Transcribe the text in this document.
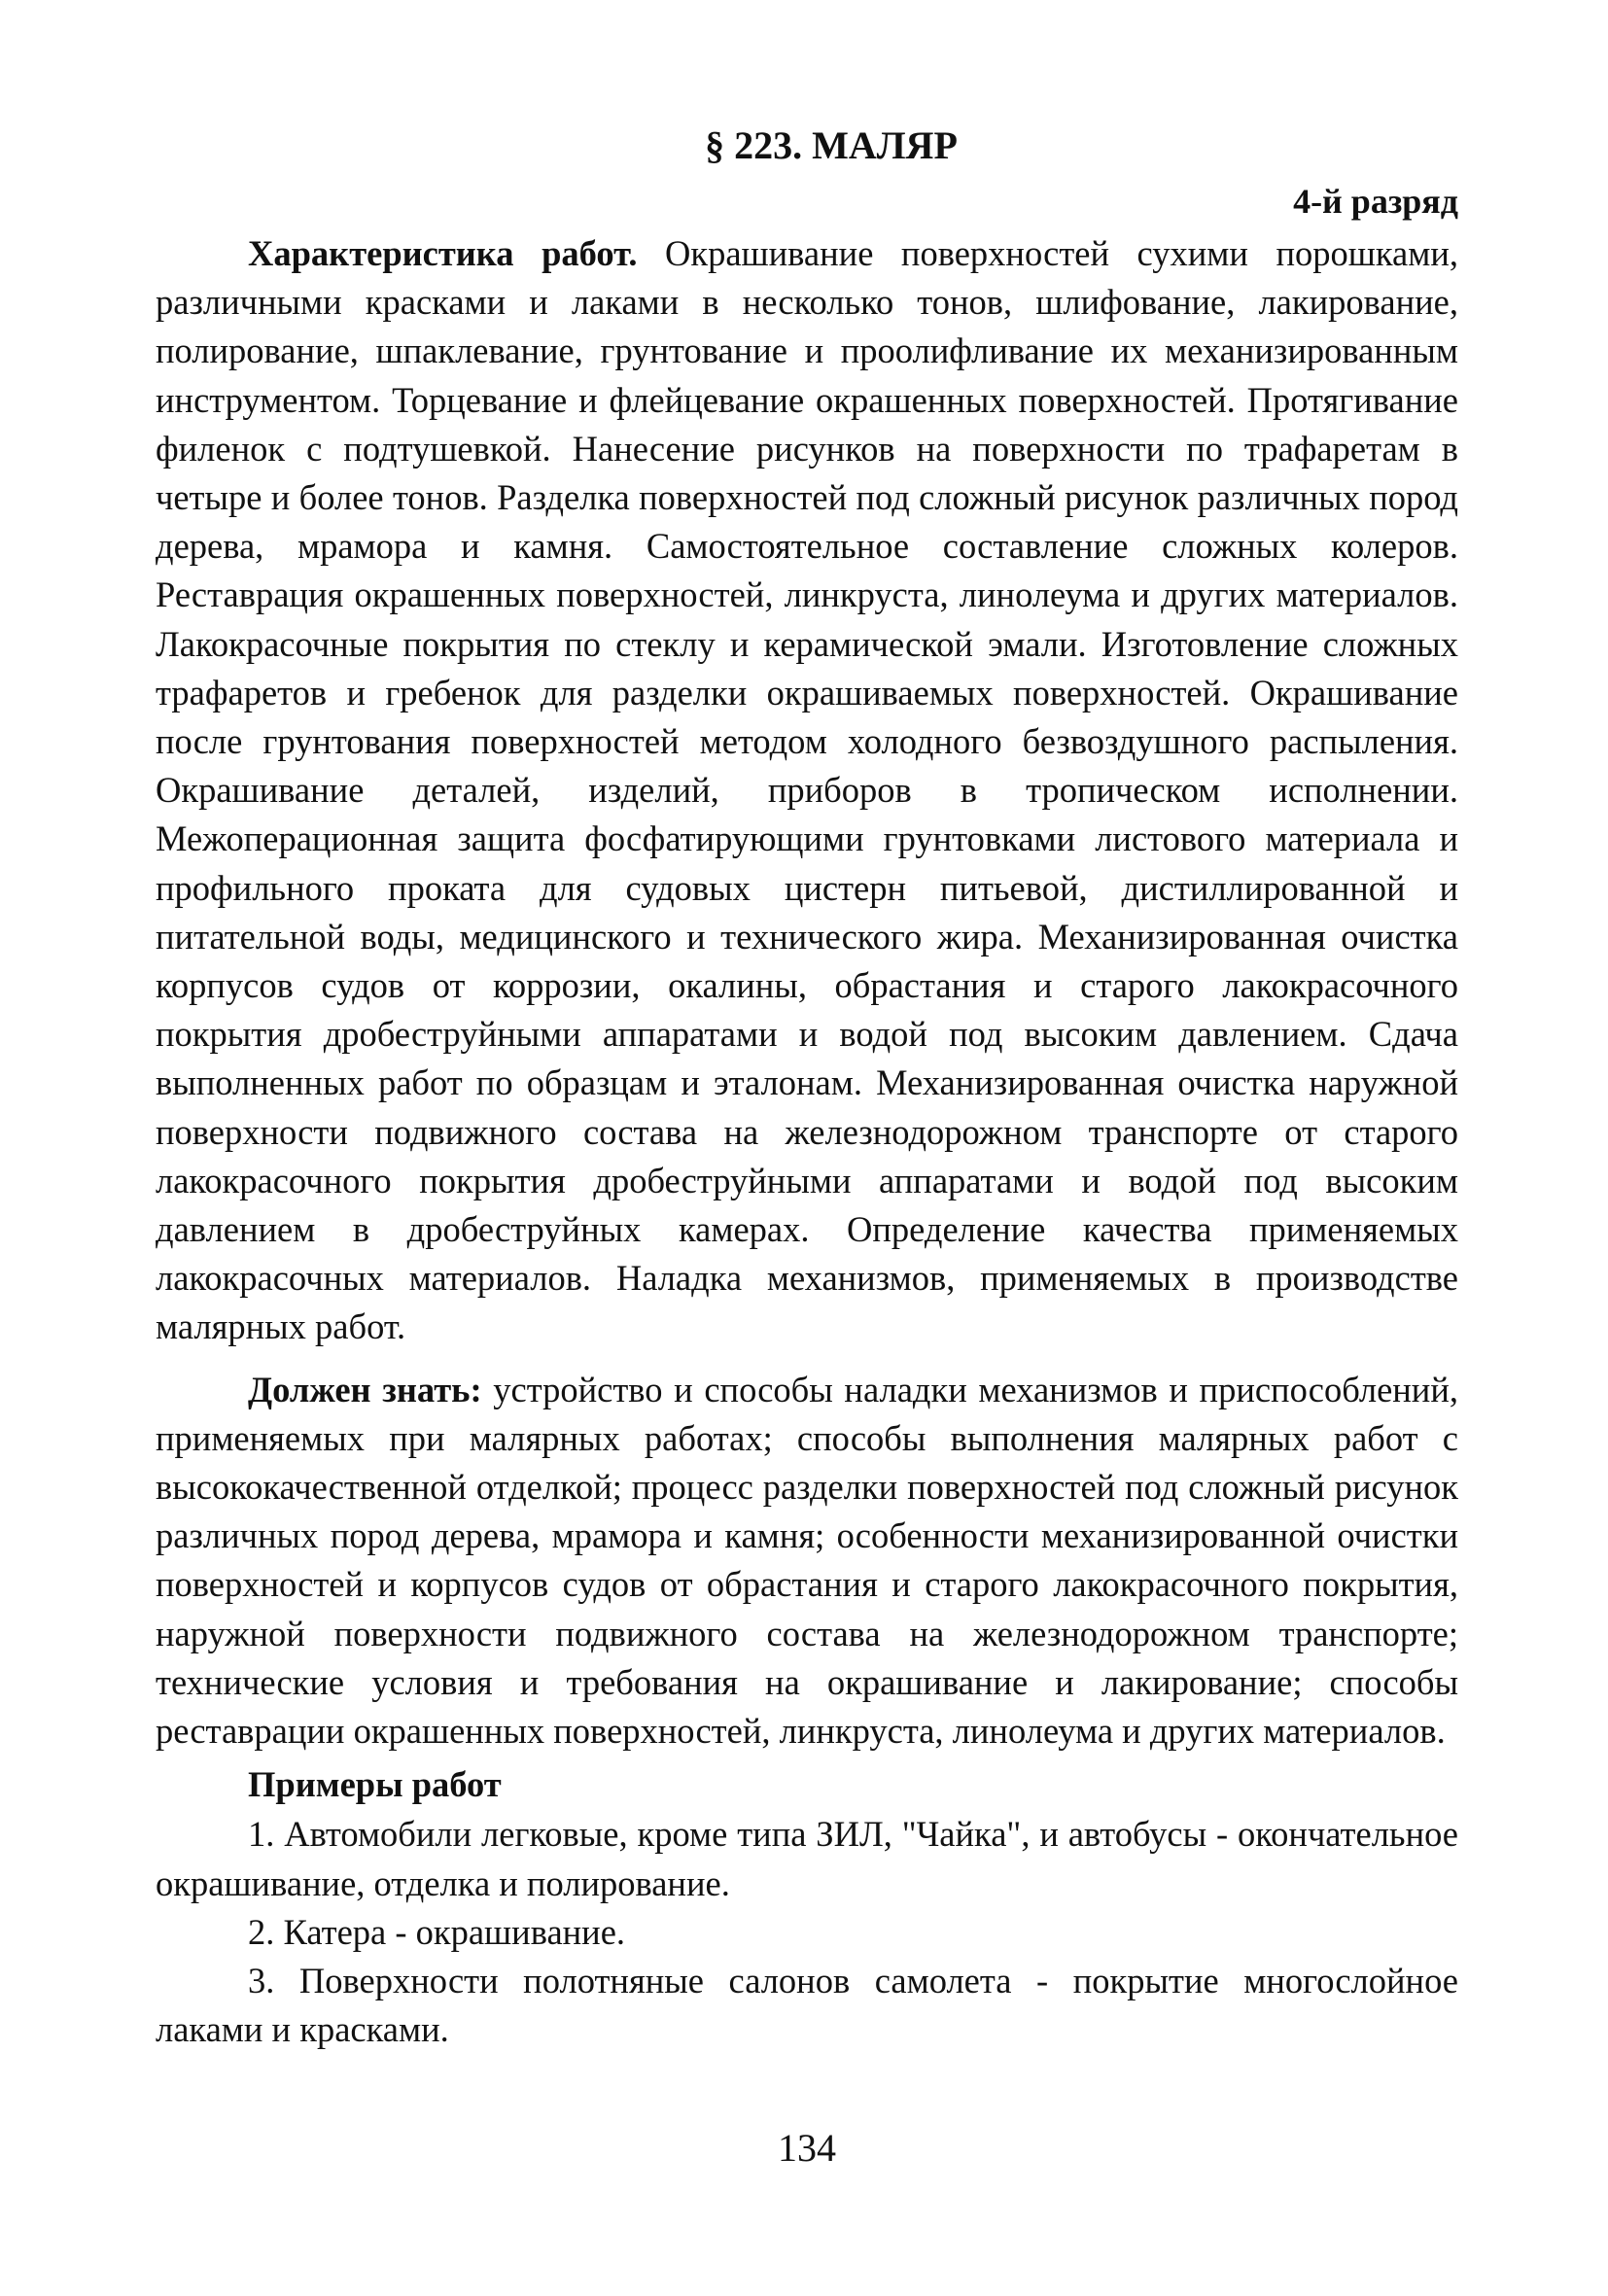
§ 223. МАЛЯР

4-й разряд

Характеристика работ. Окрашивание поверхностей сухими порошками, различными красками и лаками в несколько тонов, шлифование, лакирование, полирование, шпаклевание, грунтование и проолифливание их механизированным инструментом. Торцевание и флейцевание окрашенных поверхностей. Протягивание филенок с подтушевкой. Нанесение рисунков на поверхности по трафаретам в четыре и более тонов. Разделка поверхностей под сложный рисунок различных пород дерева, мрамора и камня. Самостоятельное составление сложных колеров. Реставрация окрашенных поверхностей, линкруста, линолеума и других материалов. Лакокрасочные покрытия по стеклу и керамической эмали. Изготовление сложных трафаретов и гребенок для разделки окрашиваемых поверхностей. Окрашивание после грунтования поверхностей методом холодного безвоздушного распыления. Окрашивание деталей, изделий, приборов в тропическом исполнении. Межоперационная защита фосфатирующими грунтовками листового материала и профильного проката для судовых цистерн питьевой, дистиллированной и питательной воды, медицинского и технического жира. Механизированная очистка корпусов судов от коррозии, окалины, обрастания и старого лакокрасочного покрытия дробеструйными аппаратами и водой под высоким давлением. Сдача выполненных работ по образцам и эталонам. Механизированная очистка наружной поверхности подвижного состава на железнодорожном транспорте от старого лакокрасочного покрытия дробеструйными аппаратами и водой под высоким давлением в дробеструйных камерах. Определение качества применяемых лакокрасочных материалов. Наладка механизмов, применяемых в производстве малярных работ.

Должен знать: устройство и способы наладки механизмов и приспособлений, применяемых при малярных работах; способы выполнения малярных работ с высококачественной отделкой; процесс разделки поверхностей под сложный рисунок различных пород дерева, мрамора и камня; особенности механизированной очистки поверхностей и корпусов судов от обрастания и старого лакокрасочного покрытия, наружной поверхности подвижного состава на железнодорожном транспорте; технические условия и требования на окрашивание и лакирование; способы реставрации окрашенных поверхностей, линкруста, линолеума и других материалов.

Примеры работ

1. Автомобили легковые, кроме типа ЗИЛ, "Чайка", и автобусы - окончательное окрашивание, отделка и полирование.

2. Катера - окрашивание.

3. Поверхности полотняные салонов самолета - покрытие многослойное лаками и красками.

134
